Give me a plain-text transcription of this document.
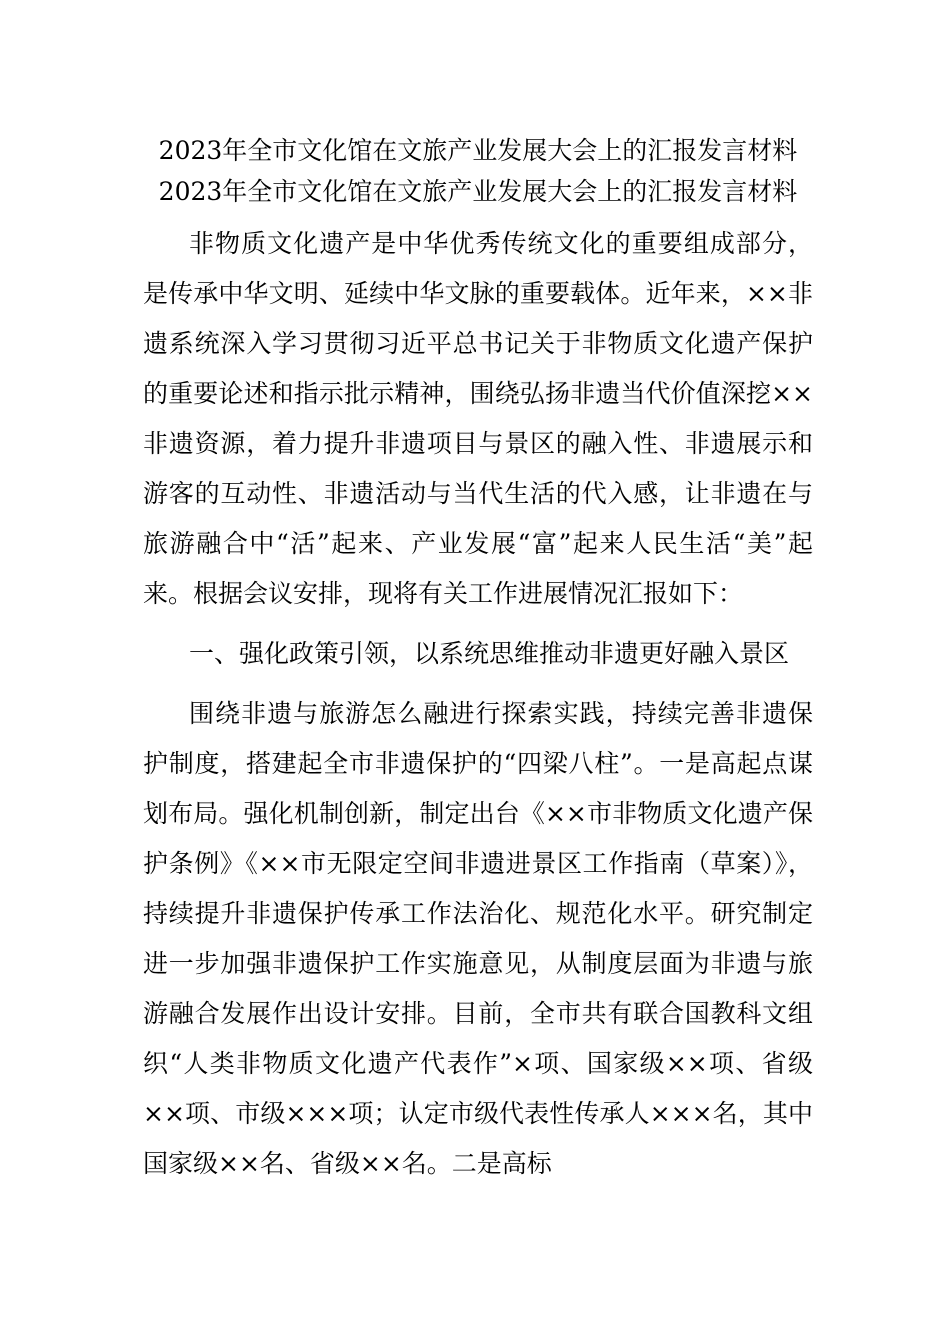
2023年全市文化馆在文旅产业发展大会上的汇报发言材料
2023年全市文化馆在文旅产业发展大会上的汇报发言材料

非物质文化遗产是中华优秀传统文化的重要组成部分，是传承中华文明、延续中华文脉的重要载体。近年来，××非遗系统深入学习贯彻习近平总书记关于非物质文化遗产保护的重要论述和指示批示精神，围绕弘扬非遗当代价值深挖××非遗资源，着力提升非遗项目与景区的融入性、非遗展示和游客的互动性、非遗活动与当代生活的代入感，让非遗在与旅游融合中“活”起来、产业发展“富”起来人民生活“美”起来。根据会议安排，现将有关工作进展情况汇报如下：

一、强化政策引领，以系统思维推动非遗更好融入景区

围绕非遗与旅游怎么融进行探索实践，持续完善非遗保护制度，搭建起全市非遗保护的“四梁八柱”。一是高起点谋划布局。强化机制创新，制定出台《××市非物质文化遗产保护条例》《××市无限定空间非遗进景区工作指南（草案）》，持续提升非遗保护传承工作法治化、规范化水平。研究制定进一步加强非遗保护工作实施意见，从制度层面为非遗与旅游融合发展作出设计安排。目前，全市共有联合国教科文组织“人类非物质文化遗产代表作”×项、国家级××项、省级××项、市级×××项；认定市级代表性传承人×××名，其中国家级××名、省级××名。二是高标
